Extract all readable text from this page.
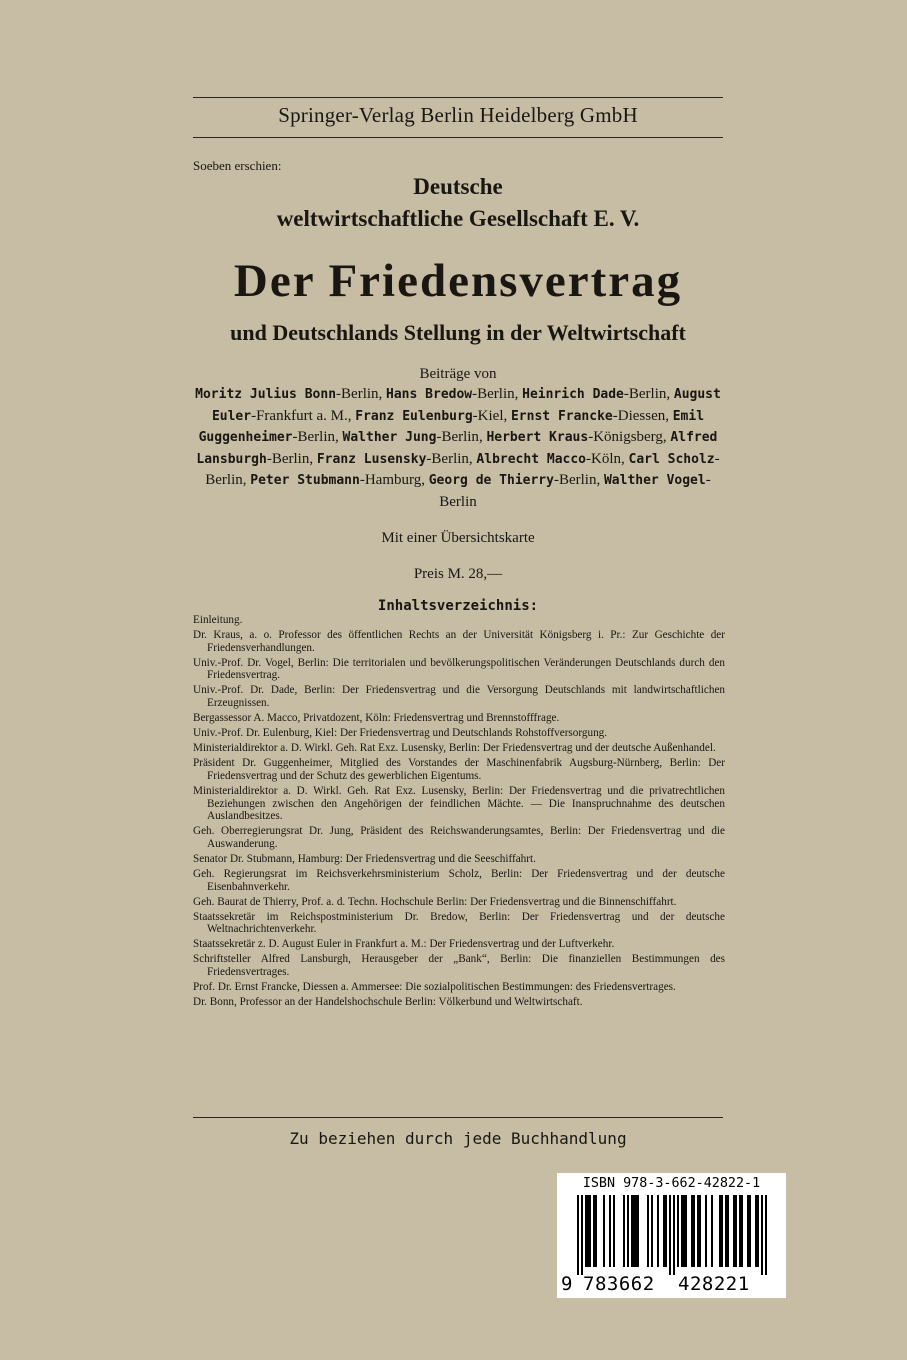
Springer-Verlag Berlin Heidelberg GmbH
Soeben erschien:
Deutsche
weltwirtschaftliche Gesellschaft E. V.
Der Friedensvertrag
und Deutschlands Stellung in der Weltwirtschaft
Beiträge von
Moritz Julius Bonn-Berlin, Hans Bredow-Berlin, Heinrich Dade-Berlin, August Euler-Frankfurt a. M., Franz Eulenburg-Kiel, Ernst Francke-Diessen, Emil Guggenheimer-Berlin, Walther Jung-Berlin, Herbert Kraus-Königsberg, Alfred Lansburgh-Berlin, Franz Lusensky-Berlin, Albrecht Macco-Köln, Carl Scholz-Berlin, Peter Stubmann-Hamburg, Georg de Thierry-Berlin, Walther Vogel-Berlin
Mit einer Übersichtskarte
Preis M. 28,—
Inhaltsverzeichnis:
Einleitung.
Dr. Kraus, a. o. Professor des öffentlichen Rechts an der Universität Königsberg i. Pr.: Zur Geschichte der Friedensverhandlungen.
Univ.-Prof. Dr. Vogel, Berlin: Die territorialen und bevölkerungspolitischen Veränderungen Deutschlands durch den Friedensvertrag.
Univ.-Prof. Dr. Dade, Berlin: Der Friedensvertrag und die Versorgung Deutschlands mit landwirtschaftlichen Erzeugnissen.
Bergassessor A. Macco, Privatdozent, Köln: Friedensvertrag und Brennstofffrage.
Univ.-Prof. Dr. Eulenburg, Kiel: Der Friedensvertrag und Deutschlands Rohstoffversorgung.
Ministerialdirektor a. D. Wirkl. Geh. Rat Exz. Lusensky, Berlin: Der Friedensvertrag und der deutsche Außenhandel.
Präsident Dr. Guggenheimer, Mitglied des Vorstandes der Maschinenfabrik Augsburg-Nürnberg, Berlin: Der Friedensvertrag und der Schutz des gewerblichen Eigentums.
Ministerialdirektor a. D. Wirkl. Geh. Rat Exz. Lusensky, Berlin: Der Friedensvertrag und die privatrechtlichen Beziehungen zwischen den Angehörigen der feindlichen Mächte. — Die Inanspruchnahme des deutschen Auslandbesitzes.
Geh. Oberregierungsrat Dr. Jung, Präsident des Reichswanderungsamtes, Berlin: Der Friedensvertrag und die Auswanderung.
Senator Dr. Stubmann, Hamburg: Der Friedensvertrag und die Seeschiffahrt.
Geh. Regierungsrat im Reichsverkehrsministerium Scholz, Berlin: Der Friedensvertrag und der deutsche Eisenbahnverkehr.
Geh. Baurat de Thierry, Prof. a. d. Techn. Hochschule Berlin: Der Friedensvertrag und die Binnenschiffahrt.
Staatssekretär im Reichspostministerium Dr. Bredow, Berlin: Der Friedensvertrag und der deutsche Weltnachrichtenverkehr.
Staatssekretär z. D. August Euler in Frankfurt a. M.: Der Friedensvertrag und der Luftverkehr.
Schriftsteller Alfred Lansburgh, Herausgeber der „Bank“, Berlin: Die finanziellen Bestimmungen des Friedensvertrages.
Prof. Dr. Ernst Francke, Diessen a. Ammersee: Die sozialpolitischen Bestimmungen: des Friedensvertrages.
Dr. Bonn, Professor an der Handelshochschule Berlin: Völkerbund und Weltwirtschaft.
Zu beziehen durch jede Buchhandlung
ISBN 978-3-662-42822-1
9 783662 428221
